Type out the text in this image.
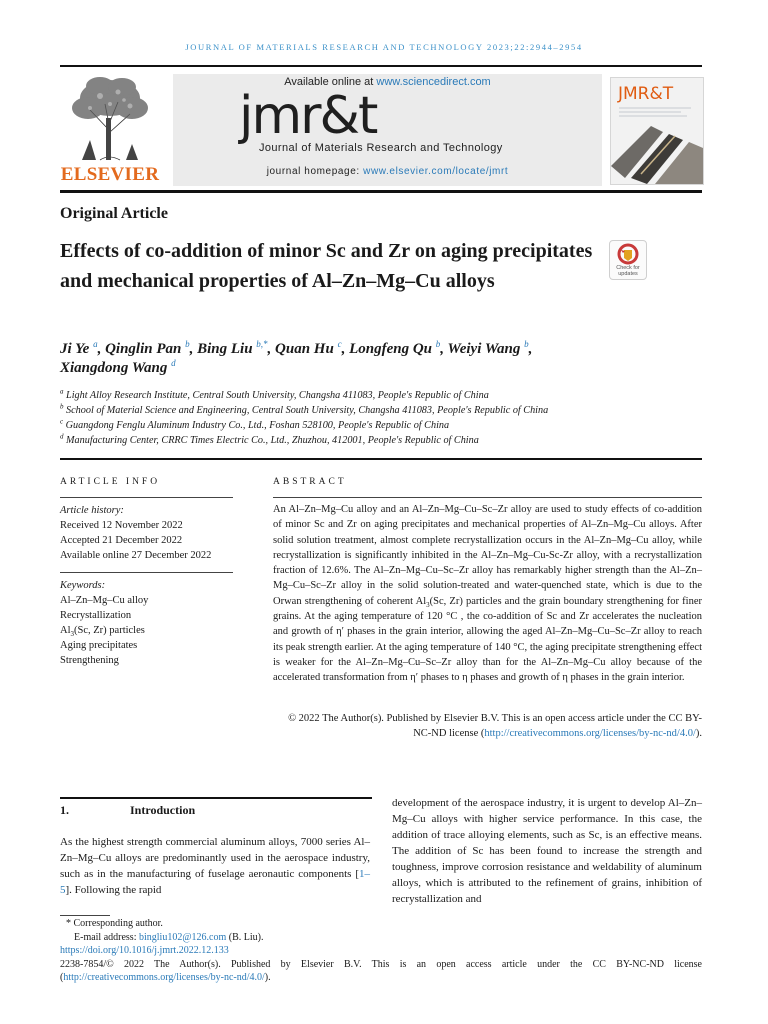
JOURNAL OF MATERIALS RESEARCH AND TECHNOLOGY 2023;22:2944–2954
ELSEVIER
Available online at www.sciencedirect.com
jmr&t
Journal of Materials Research and Technology
journal homepage: www.elsevier.com/locate/jmrt
JMR&T
Original Article
Effects of co-addition of minor Sc and Zr on aging precipitates and mechanical properties of Al–Zn–Mg–Cu alloys
Check for updates
Ji Ye $^a$, Qinglin Pan $^b$, Bing Liu $^{b,*}$, Quan Hu $^c$, Longfeng Qu $^b$, Weiyi Wang $^b$,
Xiangdong Wang $^d$
$^a$ Light Alloy Research Institute, Central South University, Changsha 411083, People's Republic of China
$^b$ School of Material Science and Engineering, Central South University, Changsha 411083, People's Republic of China
$^c$ Guangdong Fenglu Aluminum Industry Co., Ltd., Foshan 528100, People's Republic of China
$^d$ Manufacturing Center, CRRC Times Electric Co., Ltd., Zhuzhou, 412001, People's Republic of China
ARTICLE INFO
Article history:
Received 12 November 2022
Accepted 21 December 2022
Available online 27 December 2022
Keywords:
Al–Zn–Mg–Cu alloy
Recrystallization
$Al_3(Sc$, Zr) particles
Aging precipitates
Strengthening
ABSTRACT

An Al–Zn–Mg–Cu alloy and an Al–Zn–Mg–Cu–Sc–Zr alloy are used to study effects of co-addition of minor Sc and Zr on aging precipitates and mechanical properties of Al–Zn–Mg–Cu alloys. After solid solution treatment, almost complete recrystallization occurs in the Al–Zn–Mg–Cu alloy, while recrystallization is significantly inhibited in the Al–Zn–Mg–Cu-Sc-Zr alloy, with a recrystallization fraction of 12.6%. The Al–Zn–Mg–Cu–Sc–Zr alloy has remarkably higher strength than the Al–Zn–Mg–Cu–Sc–Zr alloy in the solid solution-treated and water-quenched state, which is due to the Orwan strengthening of coherent $Al_3(Sc$, Zr) particles and the grain boundary strengthening for finer grains. At the aging temperature of 120 °C , the co-addition of Sc and Zr accelerates the nucleation and growth of η′ phases in the grain interior, allowing the aged Al–Zn–Mg–Cu–Sc–Zr alloy to reach its peak strength earlier. At the aging temperature of 140 °C, the aging precipitate strengthening effect is weaker for the Al–Zn–Mg–Cu–Sc–Zr alloy than for the Al–Zn–Mg–Cu alloy because of the accelerated transformation from η′ phases to η phases and growth of η phases in the grain interior.

© 2022 The Author(s). Published by Elsevier B.V. This is an open access article under the CC BY-NC-ND license (http://creativecommons.org/licenses/by-nc-nd/4.0/).
1.	Introduction

As the highest strength commercial aluminum alloys, 7000 series Al–Zn–Mg–Cu alloys are predominantly used in the aerospace industry, such as in the manufacturing of fuselage aeronautic components [1–5]. Following the rapid

development of the aerospace industry, it is urgent to develop Al–Zn–Mg–Cu alloys with higher service performance. In this case, the addition of trace alloying elements, such as Sc, is an effective means. The addition of Sc has been found to increase the strength and toughness, improve corrosion resistance and weldability of aluminum alloys, which is attributed to the refinement of grains, inhibition of recrystallization and

* Corresponding author.
E-mail address: bingliu102@126.com (B. Liu).
https://doi.org/10.1016/j.jmrt.2022.12.133
2238-7854/© 2022 The Author(s). Published by Elsevier B.V. This is an open access article under the CC BY-NC-ND license (http://creativecommons.org/licenses/by-nc-nd/4.0/).
